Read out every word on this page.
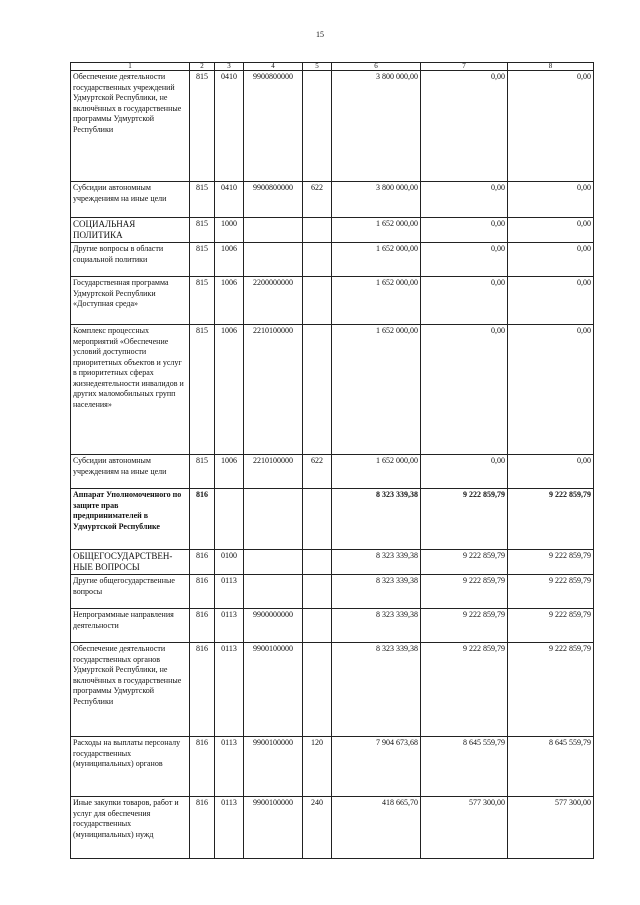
15
1	2	3	4	5	6	7	8
Обеспечение деятельности государственных учреждений Удмуртской Республики, не включённых в государственные программы Удмуртской Республики	815	0410	9900800000		3 800 000,00	0,00	0,00
Субсидии автономным учреждениям на иные цели	815	0410	9900800000	622	3 800 000,00	0,00	0,00
СОЦИАЛЬНАЯ ПОЛИТИКА	815	1000			1 652 000,00	0,00	0,00
Другие вопросы в области социальной политики	815	1006			1 652 000,00	0,00	0,00
Государственная программа Удмуртской Республики «Доступная среда»	815	1006	2200000000		1 652 000,00	0,00	0,00
Комплекс процессных мероприятий «Обеспечение условий доступности приоритетных объектов и услуг в приоритетных сферах жизнедеятельности инвалидов и других маломобильных групп населения»	815	1006	2210100000		1 652 000,00	0,00	0,00
Субсидии автономным учреждениям на иные цели	815	1006	2210100000	622	1 652 000,00	0,00	0,00
Аппарат Уполномоченного по защите прав предпринимателей в Удмуртской Республике	816				8 323 339,38	9 222 859,79	9 222 859,79
ОБЩЕГОСУДАРСТВЕН-НЫЕ ВОПРОСЫ	816	0100			8 323 339,38	9 222 859,79	9 222 859,79
Другие общегосударственные вопросы	816	0113			8 323 339,38	9 222 859,79	9 222 859,79
Непрограммные направления деятельности	816	0113	9900000000		8 323 339,38	9 222 859,79	9 222 859,79
Обеспечение деятельности государственных органов Удмуртской Республики, не включённых в государственные программы Удмуртской Республики	816	0113	9900100000		8 323 339,38	9 222 859,79	9 222 859,79
Расходы на выплаты персоналу государственных (муниципальных) органов	816	0113	9900100000	120	7 904 673,68	8 645 559,79	8 645 559,79
Иные закупки товаров, работ и услуг для обеспечения государственных (муниципальных) нужд	816	0113	9900100000	240	418 665,70	577 300,00	577 300,00
